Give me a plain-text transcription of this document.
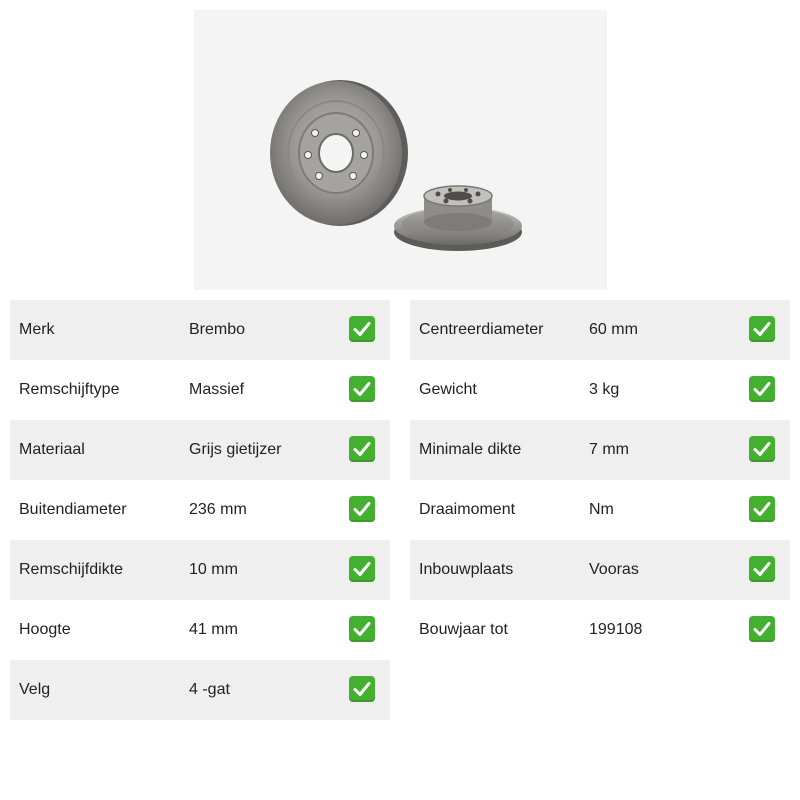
Merk	Brembo
Remschijftype	Massief
Materiaal	Grijs gietijzer
Buitendiameter	236 mm
Remschijfdikte	10 mm
Hoogte	41 mm
Velg	4 -gat
Centreerdiameter	60 mm
Gewicht	3 kg
Minimale dikte	7 mm
Draaimoment	Nm
Inbouwplaats	Vooras
Bouwjaar tot	199108
